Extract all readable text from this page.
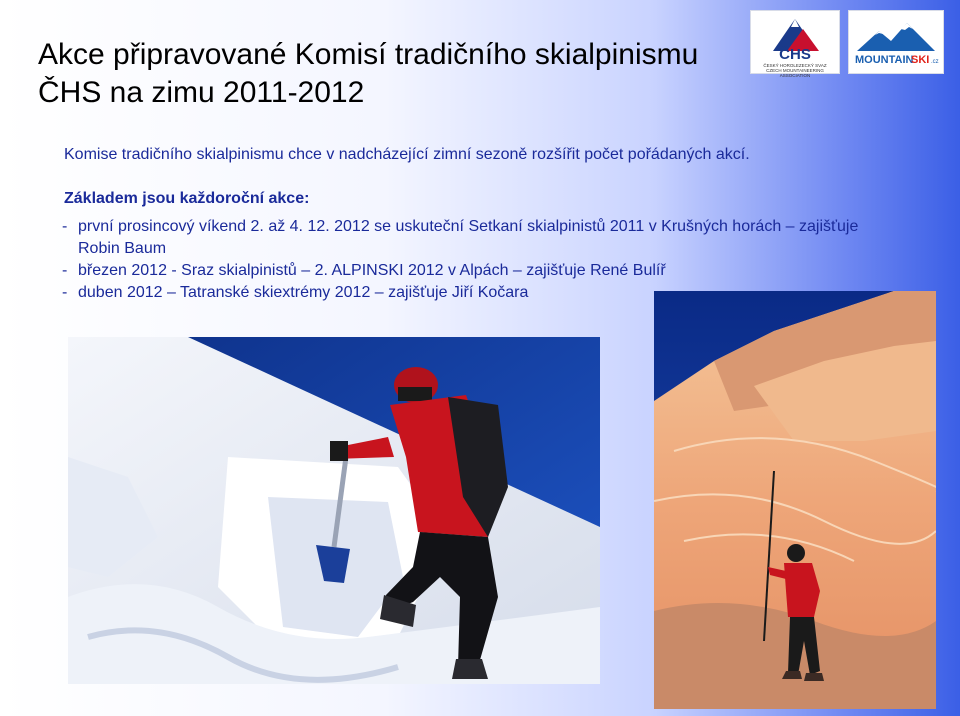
Akce připravované Komisí tradičního skialpinismu
ČHS na zimu 2011-2012
ČHS
ČESKÝ HOROLEZECKÝ SVAZ
CZECH MOUNTAINEERING ASSOCIATION
MOUNTAIN
SKI .cz

Komise tradičního skialpinismu chce v nadcházející zimní sezoně rozšířit počet pořádaných akcí.

Základem jsou každoroční akce:

- první prosincový víkend 2. až 4. 12. 2012 se uskuteční Setkaní skialpinistů 2011 v Krušných horách – zajišťuje Robin Baum
- březen 2012 - Sraz skialpinistů – 2. ALPINSKI 2012 v Alpách – zajišťuje René Bulíř
- duben 2012 – Tatranské skiextrémy 2012 – zajišťuje Jiří Kočara
